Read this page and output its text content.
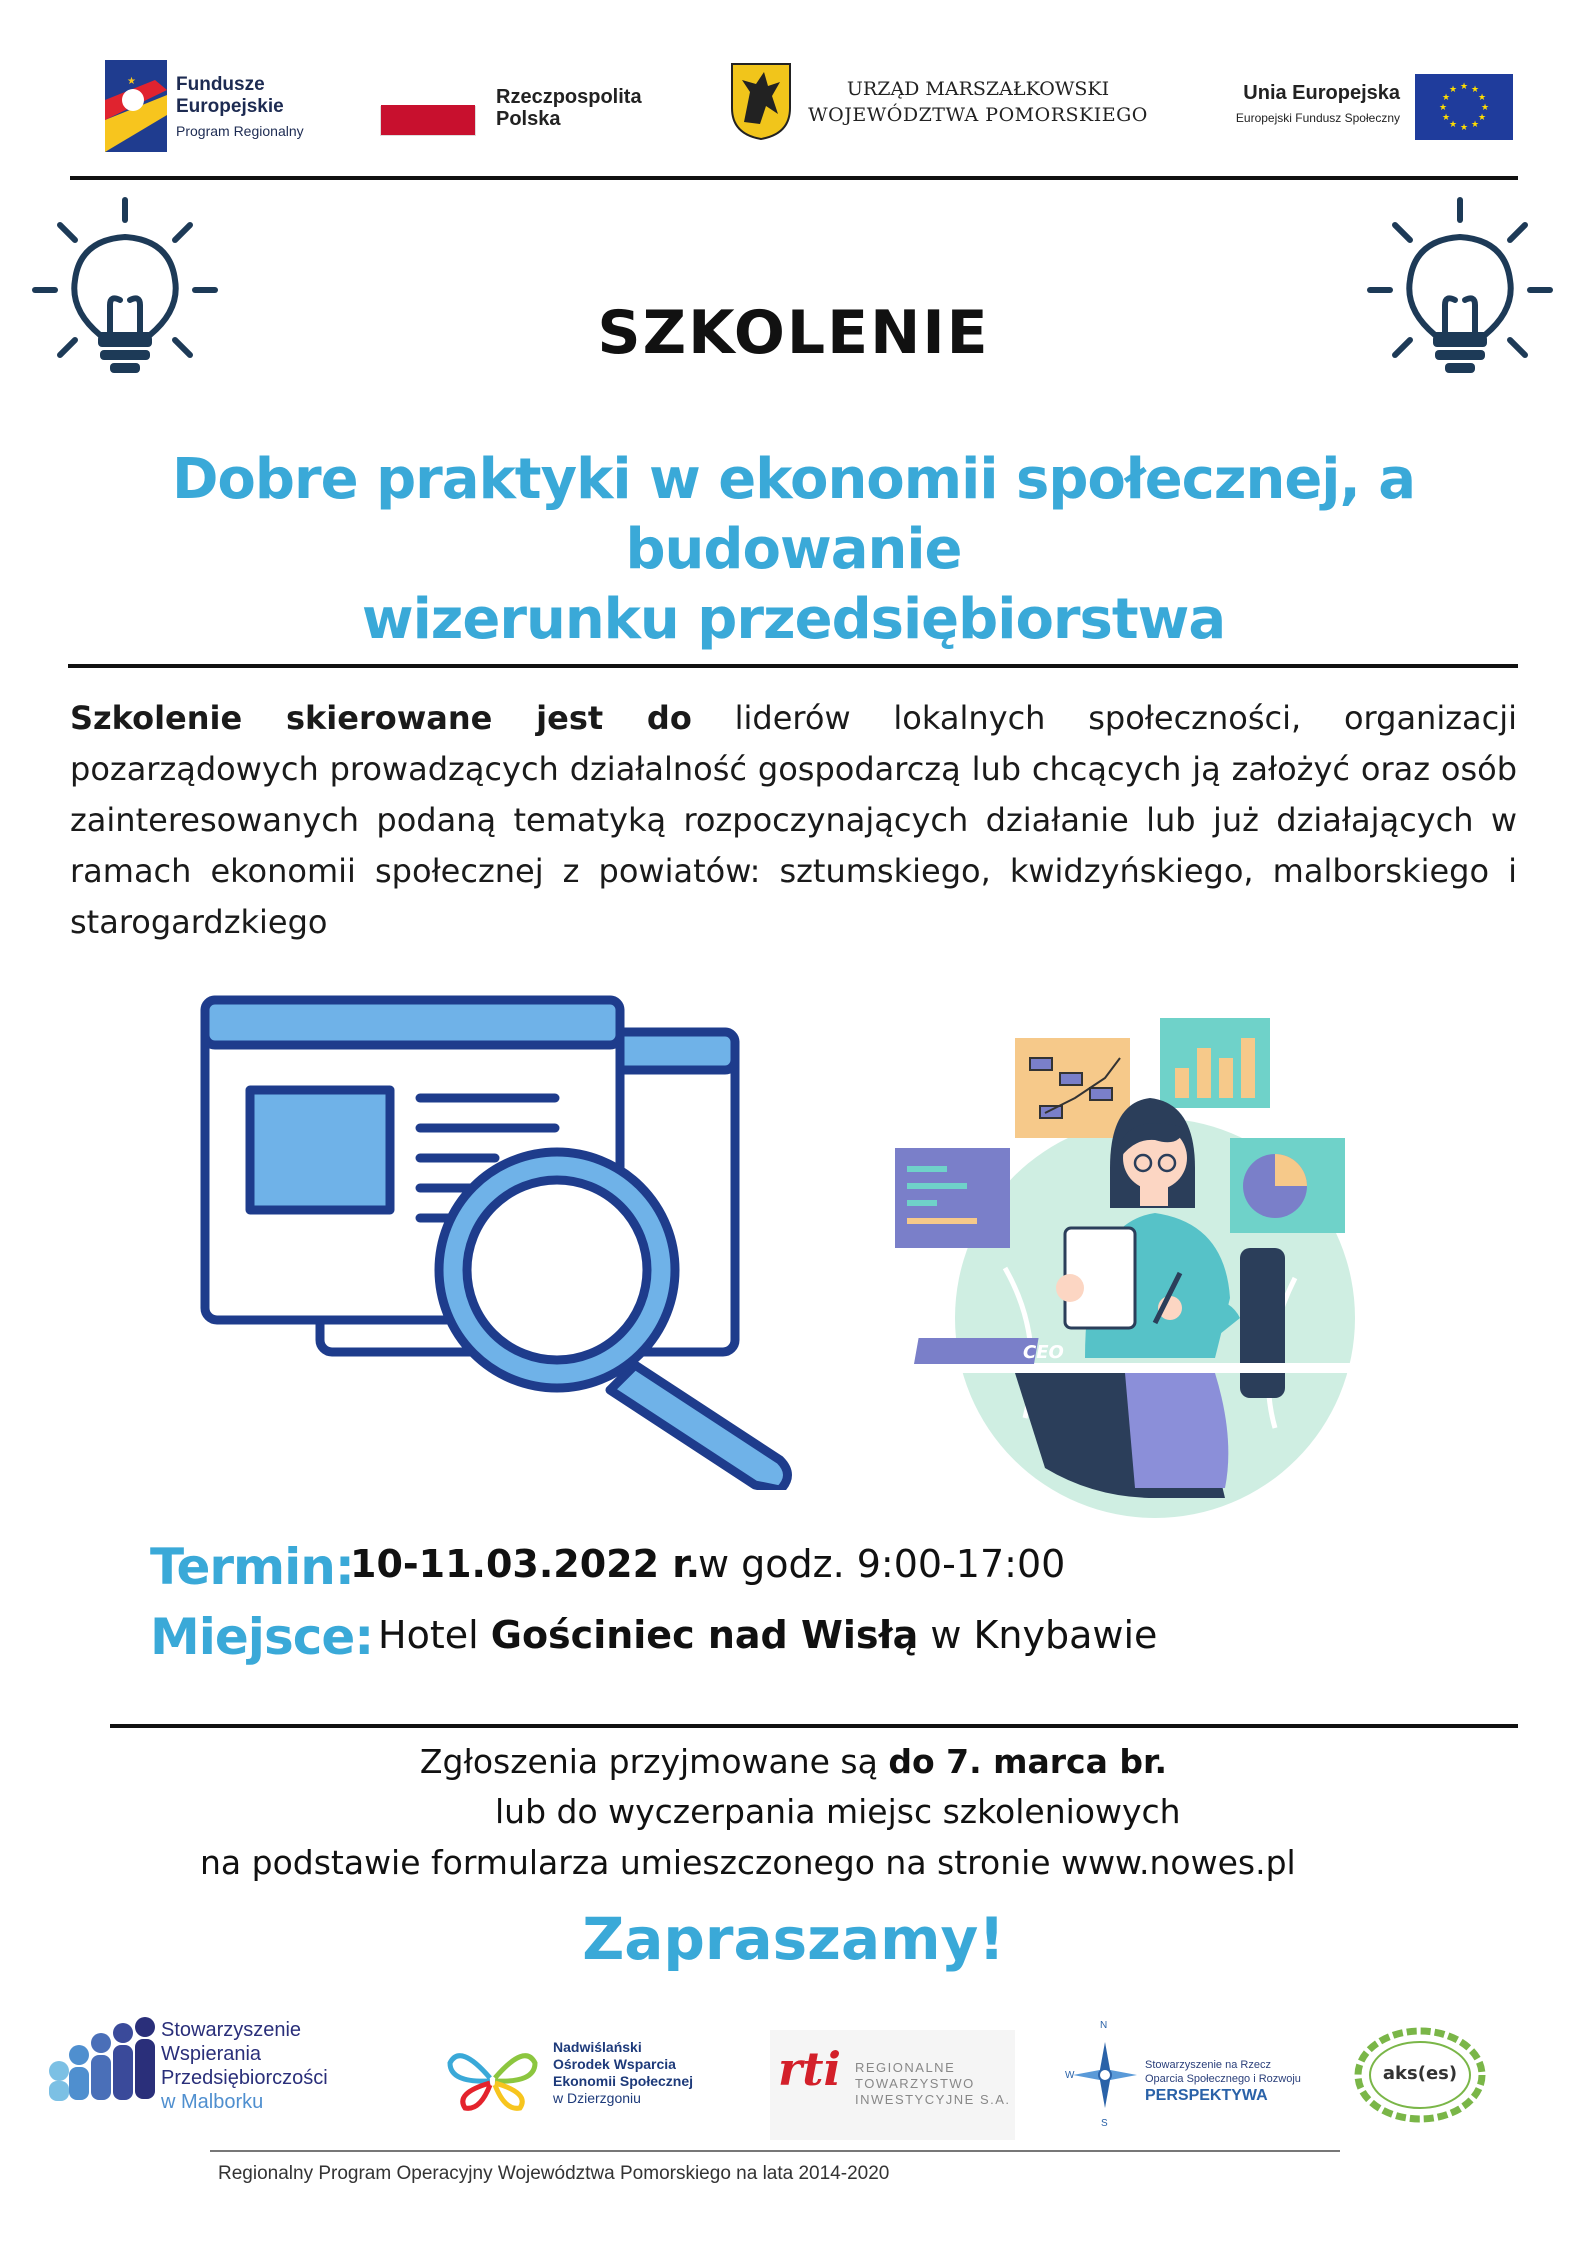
★ Fundusze
Europejskie
Program Regionalny
Rzeczpospolita
Polska
URZĄD MARSZAŁKOWSKI
WOJEWÓDZTWA POMORSKIEGO
Unia Europejska
Europejski Fundusz Społeczny
★ ★
★
★
★
★
★
★
★
★
★
★
SZKOLENIE
Dobre praktyki w ekonomii społecznej, a budowanie
wizerunku przedsiębiorstwa
Szkolenie skierowane jest do liderów lokalnych społeczności, organizacji pozarządowych prowadzących działalność gospodarczą lub chcących ją założyć oraz osób zainteresowanych podaną tematyką rozpoczynających działanie lub już działających w ramach ekonomii społecznej z powiatów: sztumskiego, kwidzyńskiego, malborskiego i starogardzkiego
CEO
Termin:
10-11.03.2022 r.
w godz. 9:00-17:00
Miejsce: Hotel Gościniec nad Wisłą w Knybawie
Zgłoszenia przyjmowane są do 7. marca br.
lub do wyczerpania miejsc szkoleniowych
na podstawie formularza umieszczonego na stronie www.nowes.pl
Zapraszamy!
Stowarzyszenie
Wspierania
Przedsiębiorczości
w Malborku
Nadwiślański
Ośrodek Wsparcia
Ekonomii Społecznej
w Dzierzgoniu
rti REGIONALNE
TOWARZYSTWO
INWESTYCYJNE S.A.
N
W
S
Stowarzyszenie na Rzecz
Oparcia Społecznego i Rozwoju
PERSPEKTYWA
aks(es)
Regionalny Program Operacyjny Województwa Pomorskiego na lata 2014-2020
